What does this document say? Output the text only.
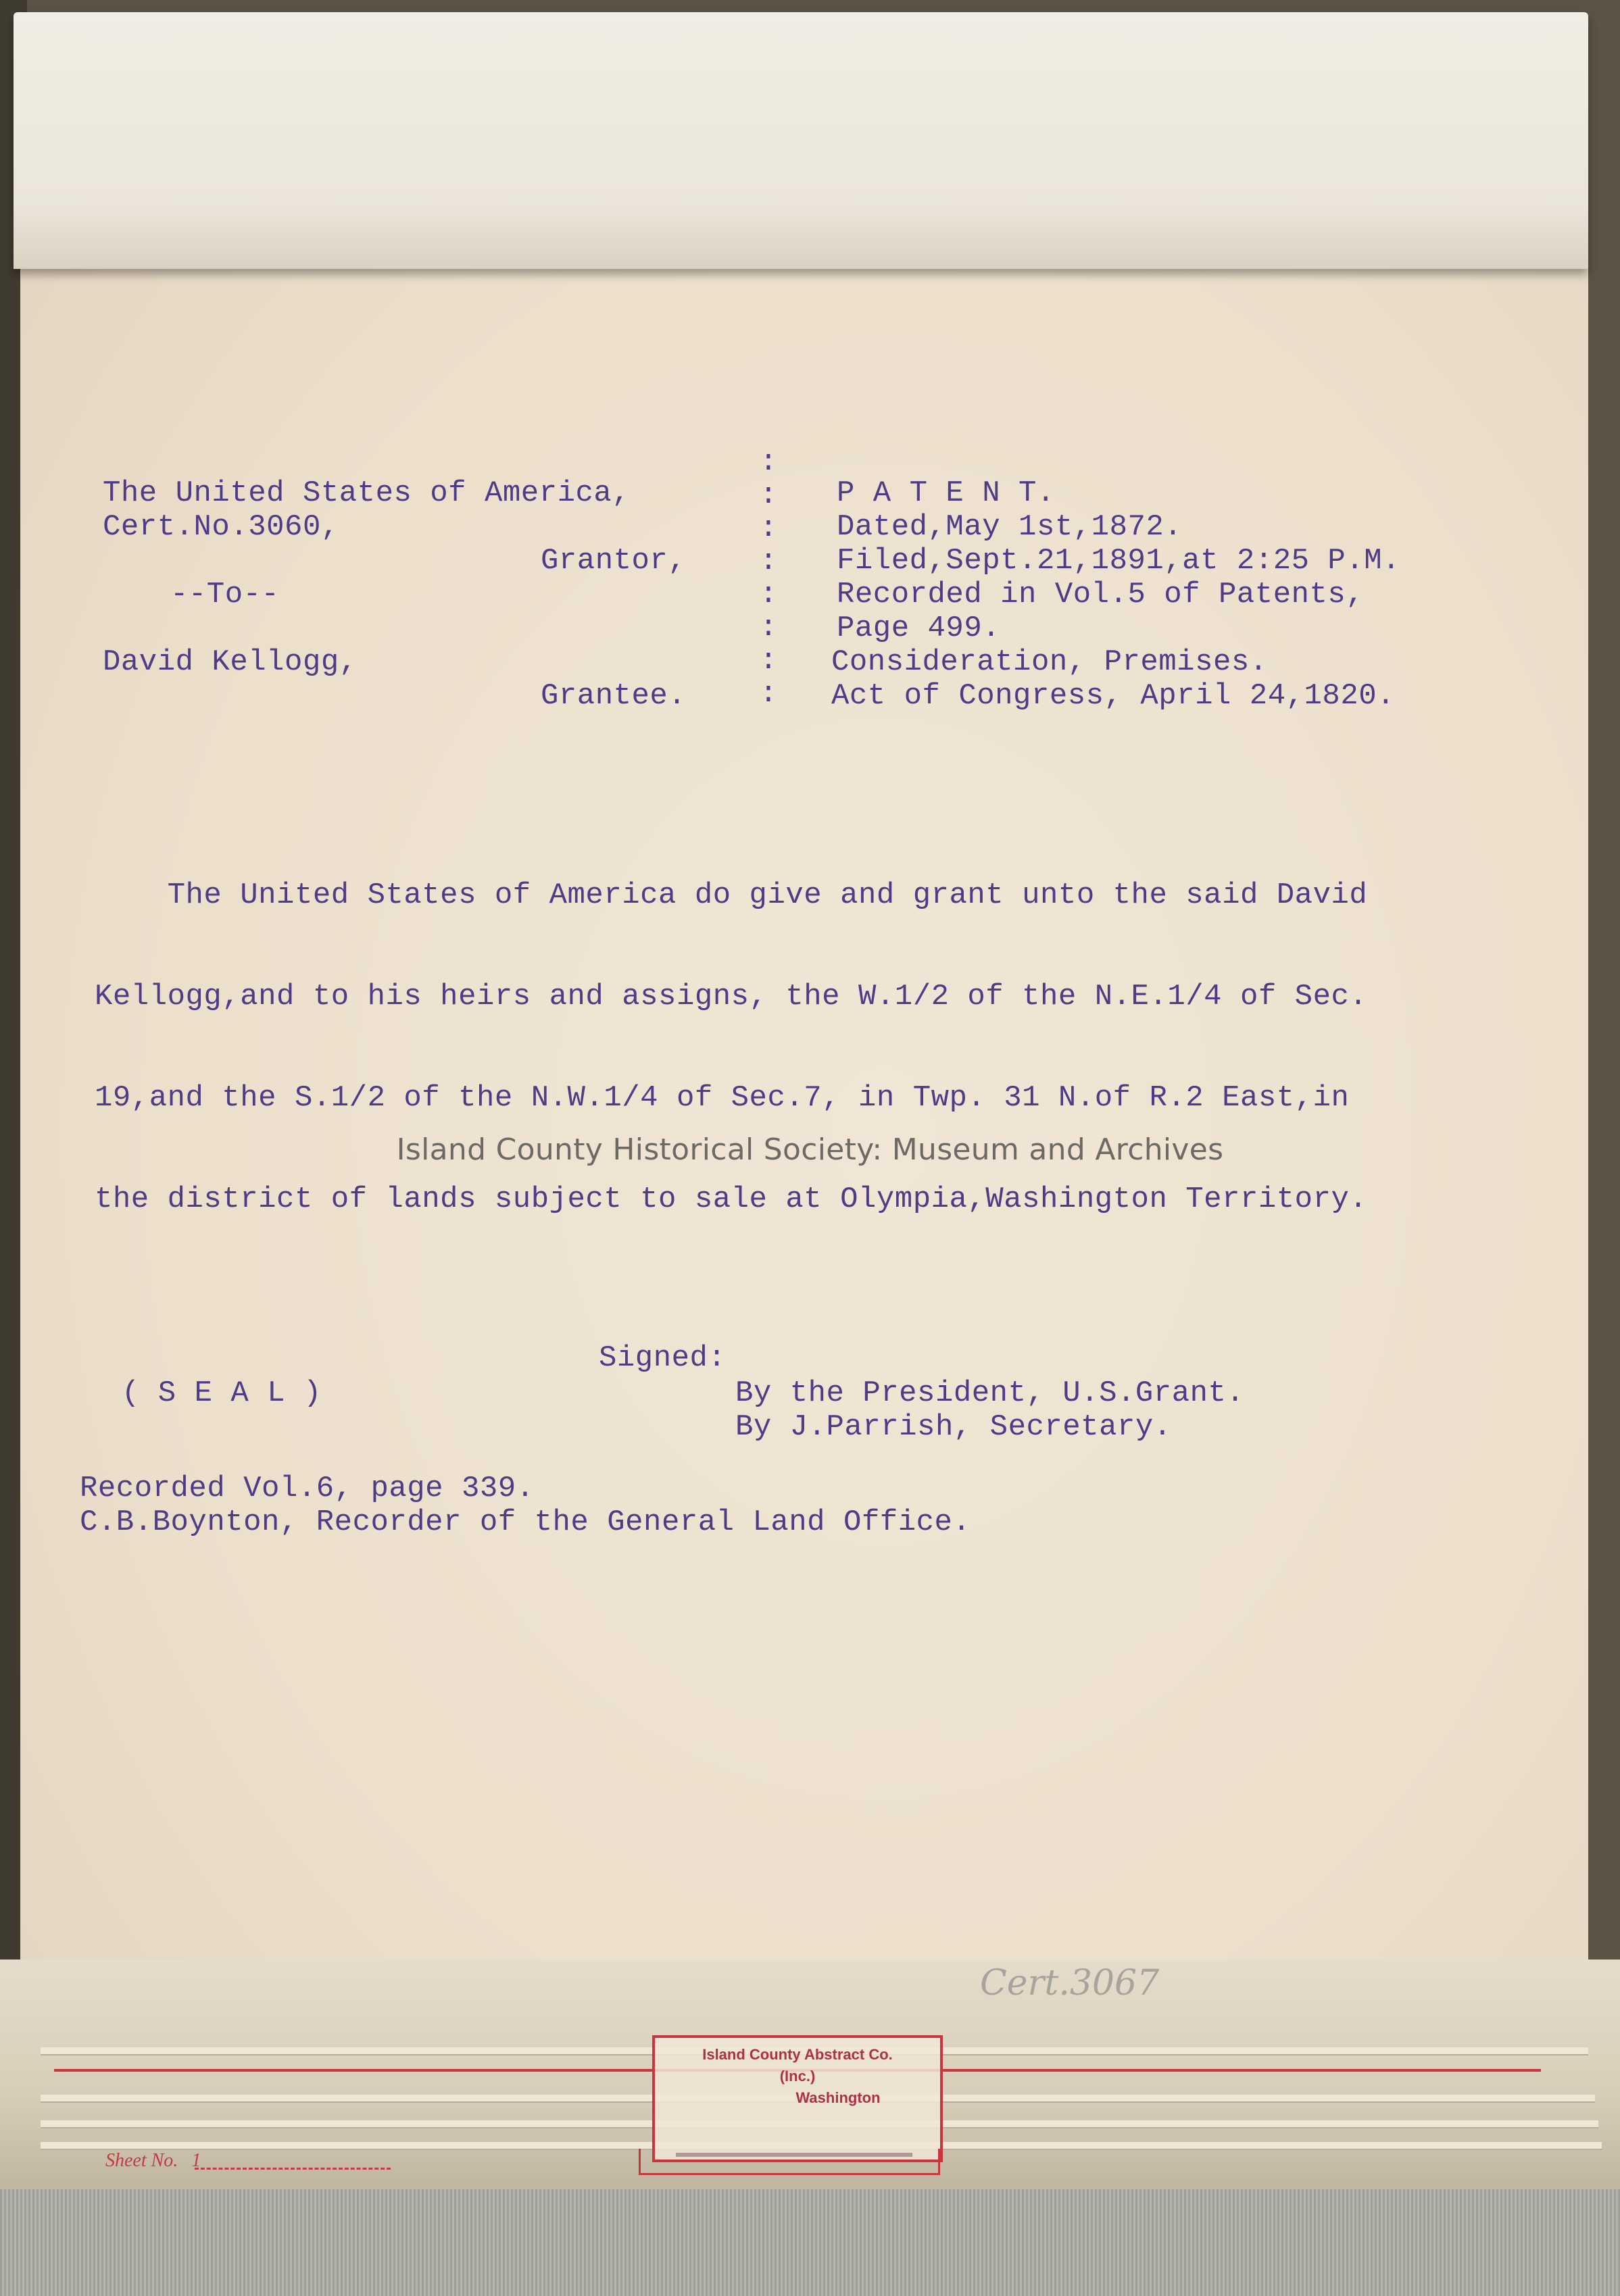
The United States of America,
Cert.No.3060,
Grantor,
--To--
David Kellogg,
Grantee.
:
:
:
:
:
:
:
:
P A T E N T.
Dated,May 1st,1872.
Filed,Sept.21,1891,at 2:25 P.M.
Recorded in Vol.5 of Patents,
Page 499.
Consideration, Premises.
Act of Congress, April 24,1820.

The United States of America do give and grant unto the said David

Kellogg,and to his heirs and assigns, the W.1/2 of the N.E.1/4 of Sec.

19,and the S.1/2 of the N.W.1/4 of Sec.7, in Twp. 31 N.of R.2 East,in

the district of lands subject to sale at Olympia,Washington Territory.

Island County Historical Society: Museum and Archives
Signed:
( S E A L )	By the President, U.S.Grant.
By J.Parrish, Secretary.
Recorded Vol.6, page 339.
C.B.Boynton, Recorder of the General Land Office.
Cert.3067
Island County Abstract Co.
(Inc.)
Washington
Sheet No. 1
